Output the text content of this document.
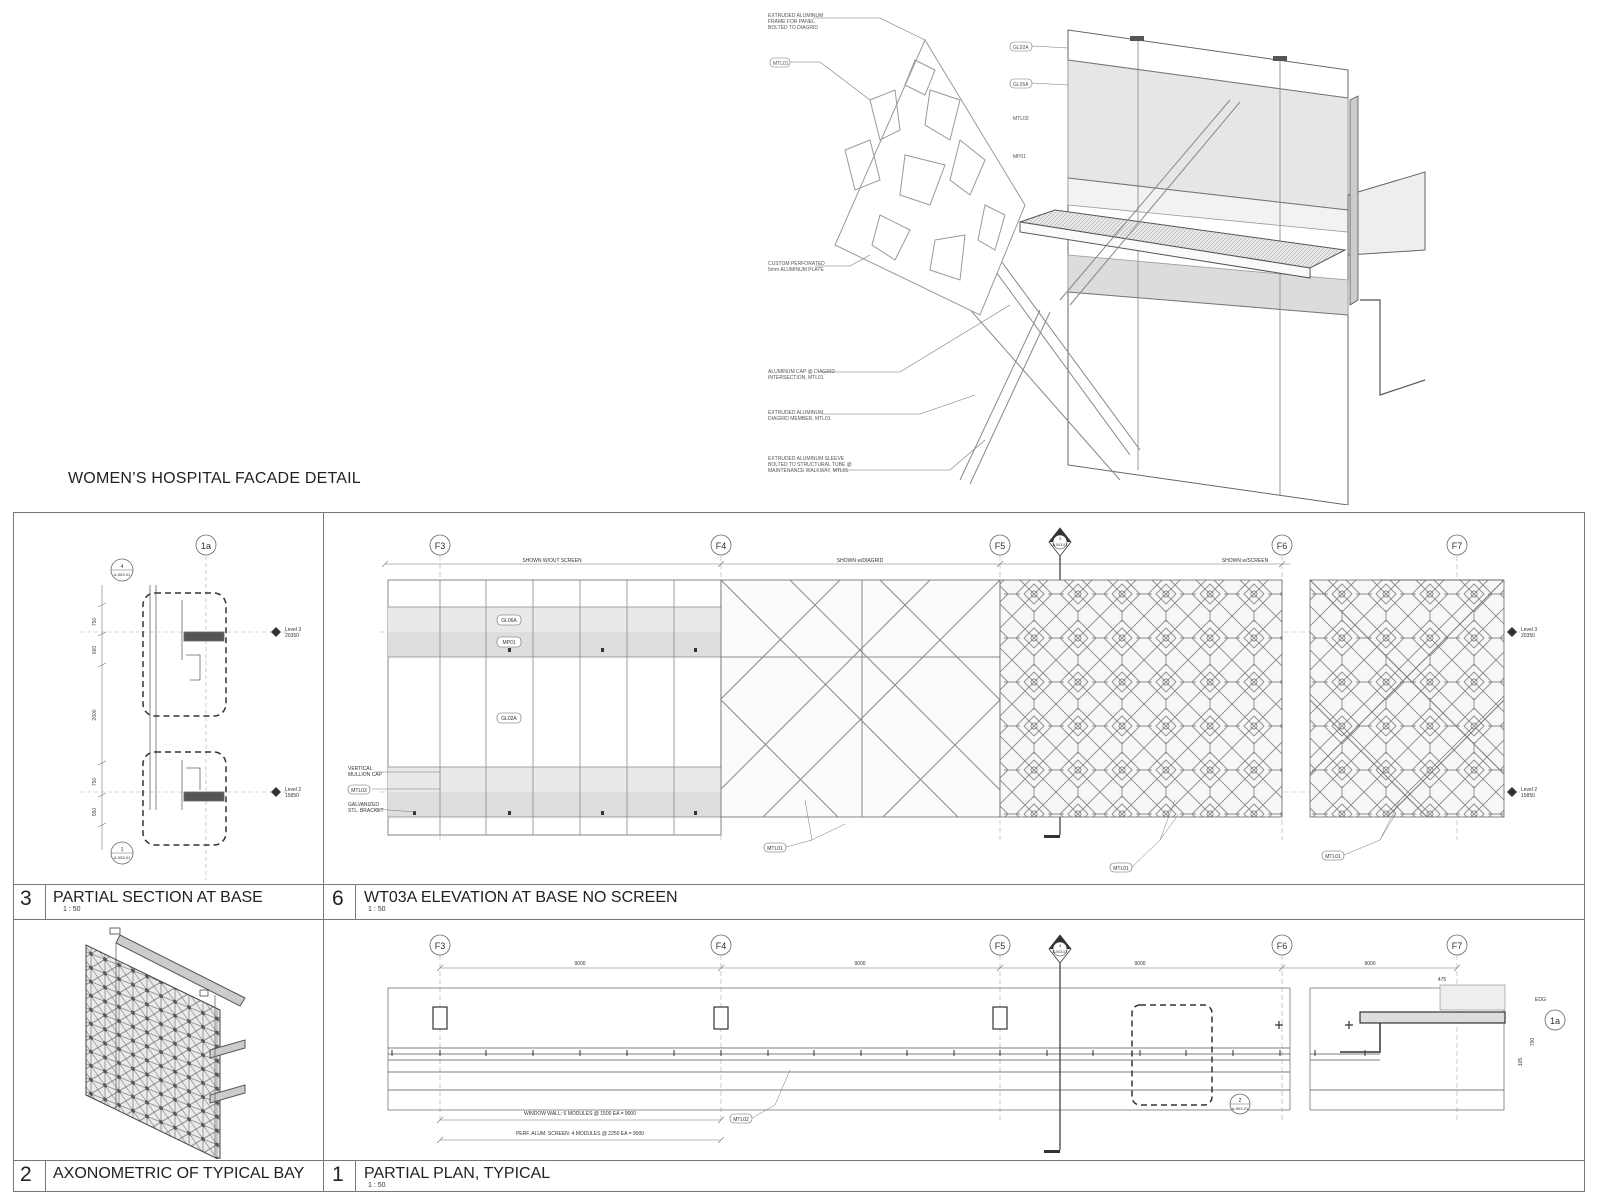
WOMEN’S HOSPITAL FACADE DETAIL
EXTRUDED ALUMINUM
FRAME FOR PANEL
BOLTED TO DIAGRID
CUSTOM PERFORATED
5mm ALUMINUM PLATE
ALUMINUM CAP @ DIAGRID
INTERSECTION, MTL01
EXTRUDED ALUMINUM
DIAGRID MEMBER, MTL01
EXTRUDED ALUMINUM SLEEVE
BOLTED TO STRUCTURAL TUBE @
MAINTENANCE WALKWAY, MTL01
MTL03
MP01
MTL01
GL02A
GL05A
3 PARTIAL SECTION AT BASE
1 : 50	6 WT03A ELEVATION AT BASE NO SCREEN
1 : 50
2 AXONOMETRIC OF TYPICAL BAY 1 PARTIAL PLAN, TYPICAL
1 : 50
1a
750
660
2600
750
550
4
A-503-01
1
A-503-01
Level 3
20350
Level 2
15850
F3	F4	F5	F6	F7
SHOWN W/OUT SCREEN	SHOWN w/DIAGRID	SHOWN w/SCREEN
3
A-503-01
GL06A
MP01
GL02A
VERTICAL
MULLION CAP
GALVANIZED
STL. BRACKET
MTL03
MTL01
MTL01
MTL01
Level 3
20350
Level 2
15850
F3	F4	F5	F6	F7
1a
9000	9000	9000	9000
475
EDG
700
105
2
A-503-01
4
A-503-01
MTL02
WINDOW WALL: 6 MODULES @ 1500 EA = 9000
PERF. ALUM. SCREEN: 4 MODULES @ 2250 EA = 9000
